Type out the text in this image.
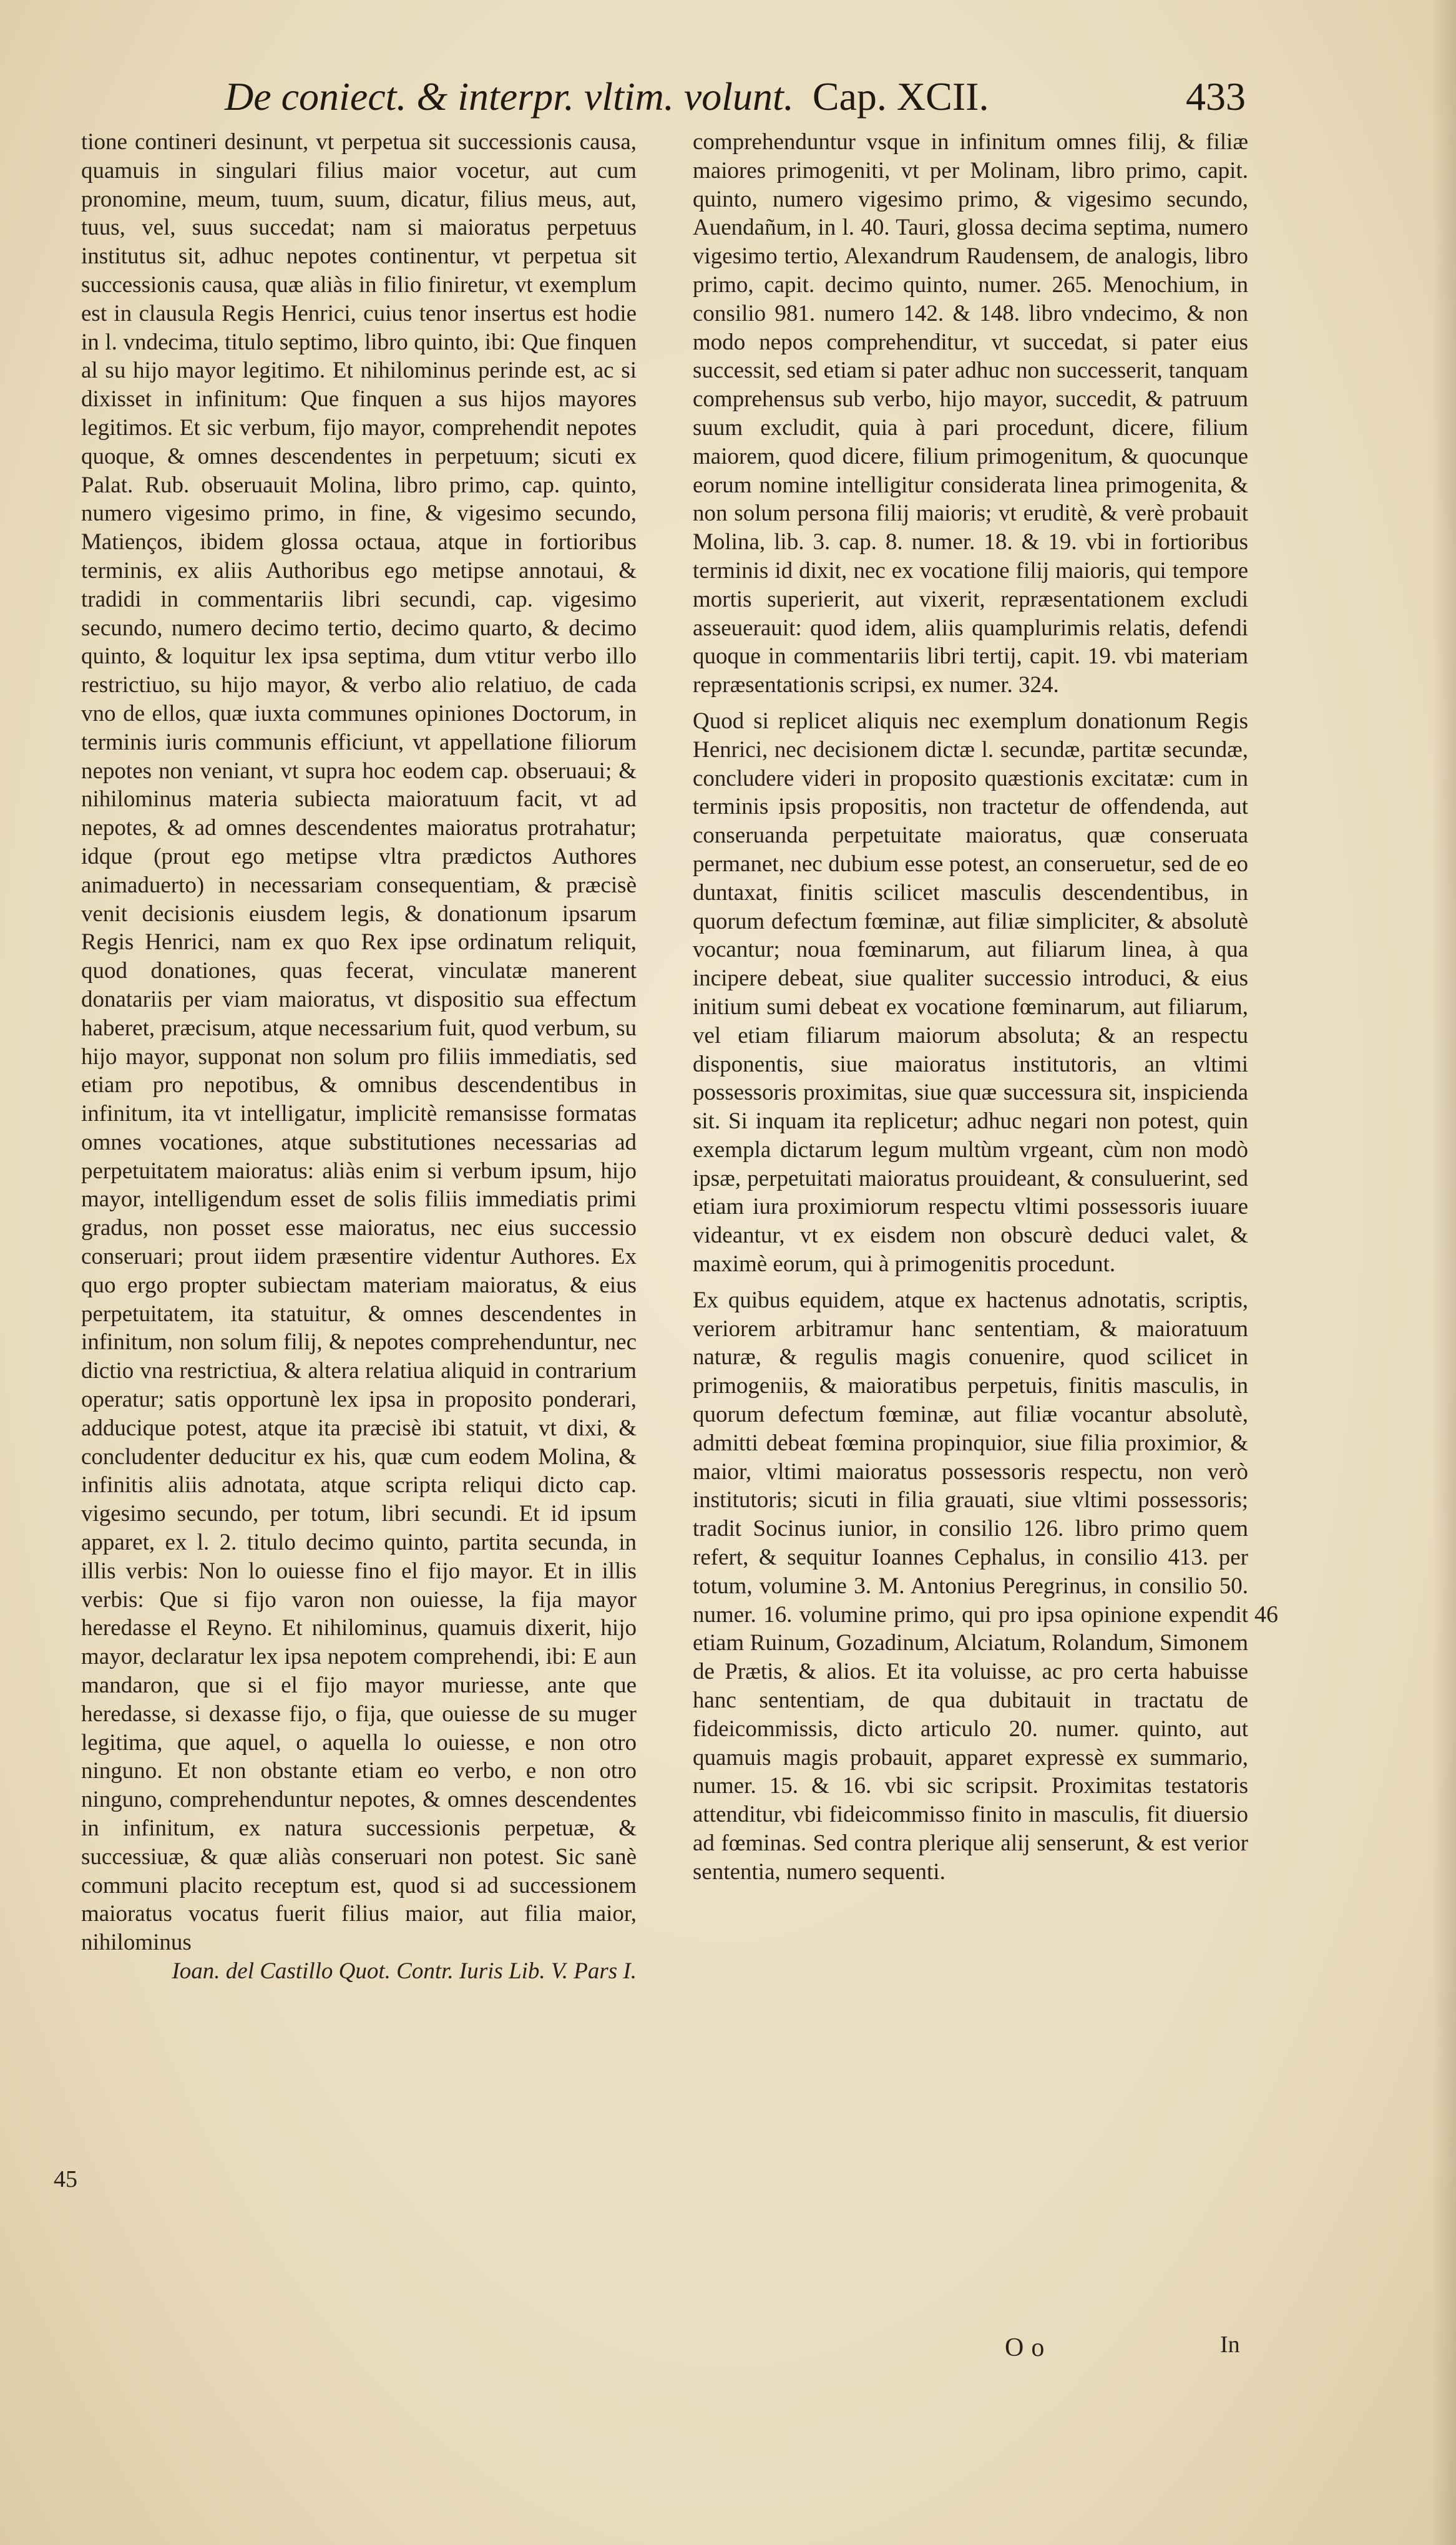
De coniect. & interpr. vltim. volunt. Cap. XCII.	433

tione contineri desinunt, vt perpetua sit successionis causa, quamuis in singulari filius maior vocetur, aut cum pronomine, meum, tuum, suum, dicatur, filius meus, aut, tuus, vel, suus succedat; nam si maioratus perpetuus institutus sit, adhuc nepotes continentur, vt perpetua sit successionis causa, quæ aliàs in filio finiretur, vt exemplum est in clausula Regis Henrici, cuius tenor insertus est hodie in l. vndecima, titulo septimo, libro quinto, ibi: Que finquen al su hijo mayor legitimo. Et nihilominus perinde est, ac si dixisset in infinitum: Que finquen a sus hijos mayores legitimos. Et sic verbum, fijo mayor, comprehendit nepotes quoque, & omnes descendentes in perpetuum; sicuti ex Palat. Rub. obseruauit Molina, libro primo, cap. quinto, numero vigesimo primo, in fine, & vigesimo secundo, Matienços, ibidem glossa octaua, atque in fortioribus terminis, ex aliis Authoribus ego metipse annotaui, & tradidi in commentariis libri secundi, cap. vigesimo secundo, numero decimo tertio, decimo quarto, & decimo quinto, & loquitur lex ipsa septima, dum vtitur verbo illo restrictiuo, su hijo mayor, & verbo alio relatiuo, de cada vno de ellos, quæ iuxta communes opiniones Doctorum, in terminis iuris communis efficiunt, vt appellatione filiorum nepotes non veniant, vt supra hoc eodem cap. obseruaui; & nihilominus materia subiecta maioratuum facit, vt ad nepotes, & ad omnes descendentes maioratus protrahatur; idque (prout ego metipse vltra prædictos Authores animaduerto) in necessariam consequentiam, & præcisè venit decisionis eiusdem legis, & donationum ipsarum Regis Henrici, nam ex quo Rex ipse ordinatum reliquit, quod donationes, quas fecerat, vinculatæ manerent donatariis per viam maioratus, vt dispositio sua effectum haberet, præcisum, atque necessarium fuit, quod verbum, su hijo mayor, supponat non solum pro filiis immediatis, sed etiam pro nepotibus, & omnibus descendentibus in infinitum, ita vt intelligatur, implicitè remansisse formatas omnes vocationes, atque substitutiones necessarias ad perpetuitatem maioratus: aliàs enim si verbum ipsum, hijo mayor, intelligendum esset de solis filiis immediatis primi gradus, non posset esse maioratus, nec eius successio conseruari; prout iidem præsentire videntur Authores. Ex quo ergo propter subiectam materiam maioratus, & eius perpetuitatem, ita statuitur, & omnes descendentes in infinitum, non solum filij, & nepotes comprehenduntur, nec dictio vna restrictiua, & altera relatiua aliquid in contrarium operatur; satis opportunè lex ipsa in proposito ponderari, adducique potest, atque ita præcisè ibi statuit, vt dixi, & concludenter deducitur ex his, quæ cum eodem Molina, & infinitis aliis adnotata, atque scripta reliqui dicto cap. vigesimo secundo, per totum, libri secundi. Et id ipsum apparet, ex l. 2. titulo decimo quinto, partita secunda, in illis verbis: Non lo ouiesse fino el fijo mayor. Et in illis verbis: Que si fijo varon non ouiesse, la fija mayor heredasse el Reyno. Et nihilominus, quamuis dixerit, hijo mayor, declaratur lex ipsa nepotem comprehendi, ibi: E aun mandaron, que si el fijo mayor muriesse, ante que heredasse, si dexasse fijo, o fija, que ouiesse de su muger legitima, que aquel, o aquella lo ouiesse, e non otro ninguno. Et non obstante etiam eo verbo, e non otro ninguno, comprehenduntur nepotes, & omnes descendentes in infinitum, ex natura successionis perpetuæ, & successiuæ, & quæ aliàs conseruari non potest. Sic sanè communi placito receptum est, quod si ad successionem maioratus vocatus fuerit filius maior, aut filia maior, nihilominus

Ioan. del Castillo Quot. Contr. Iuris Lib. V. Pars I.

comprehenduntur vsque in infinitum omnes filij, & filiæ maiores primogeniti, vt per Molinam, libro primo, capit. quinto, numero vigesimo primo, & vigesimo secundo, Auendañum, in l. 40. Tauri, glossa decima septima, numero vigesimo tertio, Alexandrum Raudensem, de analogis, libro primo, capit. decimo quinto, numer. 265. Menochium, in consilio 981. numero 142. & 148. libro vndecimo, & non modo nepos comprehenditur, vt succedat, si pater eius successit, sed etiam si pater adhuc non successerit, tanquam comprehensus sub verbo, hijo mayor, succedit, & patruum suum excludit, quia à pari procedunt, dicere, filium maiorem, quod dicere, filium primogenitum, & quocunque eorum nomine intelligitur considerata linea primogenita, & non solum persona filij maioris; vt eruditè, & verè probauit Molina, lib. 3. cap. 8. numer. 18. & 19. vbi in fortioribus terminis id dixit, nec ex vocatione filij maioris, qui tempore mortis superierit, aut vixerit, repræsentationem excludi asseuerauit: quod idem, aliis quamplurimis relatis, defendi quoque in commentariis libri tertij, capit. 19. vbi materiam repræsentationis scripsi, ex numer. 324.

Quod si replicet aliquis nec exemplum donationum Regis Henrici, nec decisionem dictæ l. secundæ, partitæ secundæ, concludere videri in proposito quæstionis excitatæ: cum in terminis ipsis propositis, non tractetur de offendenda, aut conseruanda perpetuitate maioratus, quæ conseruata permanet, nec dubium esse potest, an conseruetur, sed de eo duntaxat, finitis scilicet masculis descendentibus, in quorum defectum fœminæ, aut filiæ simpliciter, & absolutè vocantur; noua fœminarum, aut filiarum linea, à qua incipere debeat, siue qualiter successio introduci, & eius initium sumi debeat ex vocatione fœminarum, aut filiarum, vel etiam filiarum maiorum absoluta; & an respectu disponentis, siue maioratus institutoris, an vltimi possessoris proximitas, siue quæ successura sit, inspicienda sit. Si inquam ita replicetur; adhuc negari non potest, quin exempla dictarum legum multùm vrgeant, cùm non modò ipsæ, perpetuitati maioratus prouideant, & consuluerint, sed etiam iura proximiorum respectu vltimi possessoris iuuare videantur, vt ex eisdem non obscurè deduci valet, & maximè eorum, qui à primogenitis procedunt.

Ex quibus equidem, atque ex hactenus adnotatis, scriptis, veriorem arbitramur hanc sententiam, & maioratuum naturæ, & regulis magis conuenire, quod scilicet in primogeniis, & maioratibus perpetuis, finitis masculis, in quorum defectum fœminæ, aut filiæ vocantur absolutè, admitti debeat fœmina propinquior, siue filia proximior, & maior, vltimi maioratus possessoris respectu, non verò institutoris; sicuti in filia grauati, siue vltimi possessoris; tradit Socinus iunior, in consilio 126. libro primo quem refert, & sequitur Ioannes Cephalus, in consilio 413. per totum, volumine 3. M. Antonius Peregrinus, in consilio 50. numer. 16. volumine primo, qui pro ipsa opinione expendit etiam Ruinum, Gozadinum, Alciatum, Rolandum, Simonem de Prætis, & alios. Et ita voluisse, ac pro certa habuisse hanc sententiam, de qua dubitauit in tractatu de fideicommissis, dicto articulo 20. numer. quinto, aut quamuis magis probauit, apparet expressè ex summario, numer. 15. & 16. vbi sic scripsit. Proximitas testatoris attenditur, vbi fideicommisso finito in masculis, fit diuersio ad fœminas. Sed contra plerique alij senserunt, & est verior sententia, numero sequenti.

46
45
Oo	In
